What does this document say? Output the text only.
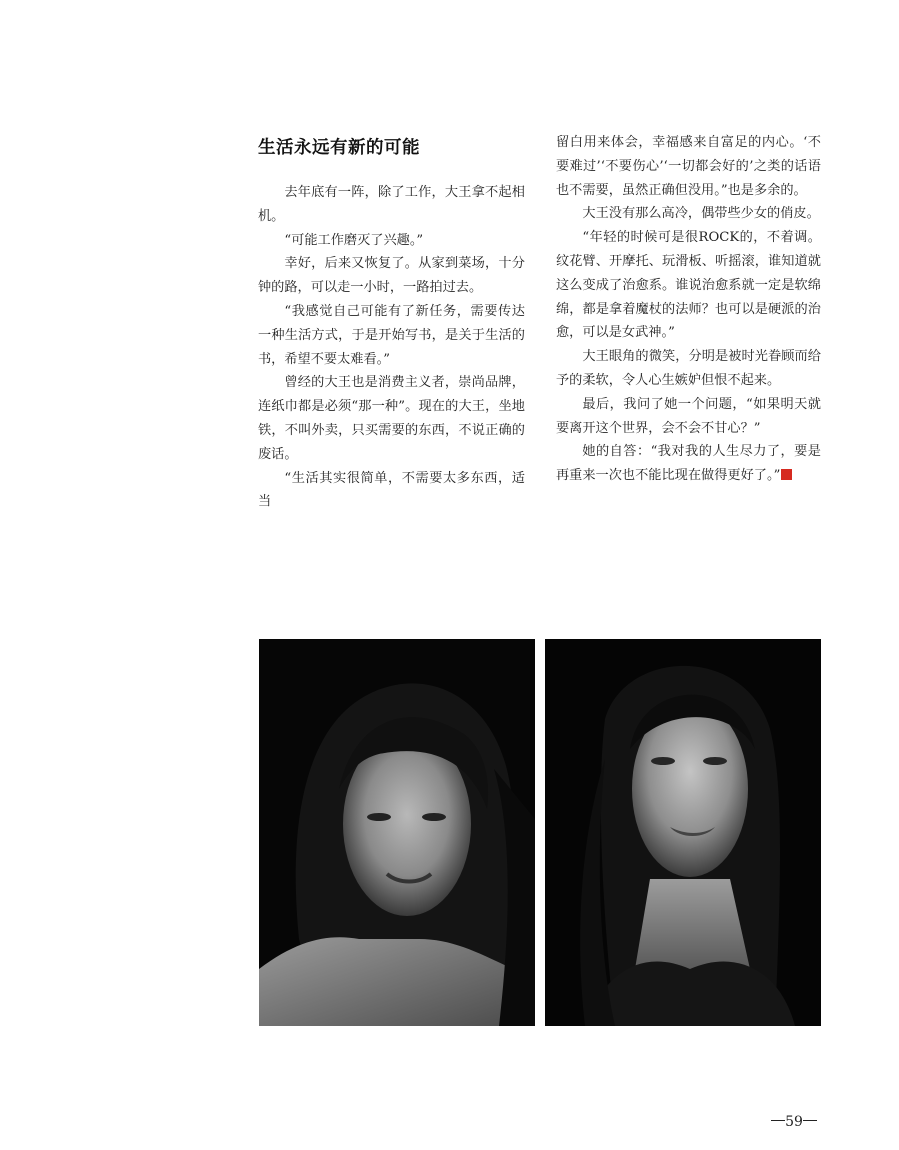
生活永远有新的可能

去年底有一阵，除了工作，大王拿不起相机。

“可能工作磨灭了兴趣。”

幸好，后来又恢复了。从家到菜场，十分钟的路，可以走一小时，一路拍过去。

“我感觉自己可能有了新任务，需要传达一种生活方式，于是开始写书，是关于生活的书，希望不要太难看。”

曾经的大王也是消费主义者，崇尚品牌，连纸巾都是必须“那一种”。现在的大王，坐地铁，不叫外卖，只买需要的东西，不说正确的废话。

“生活其实很简单，不需要太多东西，适当

留白用来体会，幸福感来自富足的内心。‘不要难过’‘不要伤心’‘一切都会好的’之类的话语也不需要，虽然正确但没用。”也是多余的。

大王没有那么高冷，偶带些少女的俏皮。

“年轻的时候可是很ROCK的，不着调。纹花臂、开摩托、玩滑板、听摇滚，谁知道就这么变成了治愈系。谁说治愈系就一定是软绵绵，都是拿着魔杖的法师？也可以是硬派的治愈，可以是女武神。”

大王眼角的微笑，分明是被时光眷顾而给予的柔软，令人心生嫉妒但恨不起来。

最后，我问了她一个问题，“如果明天就要离开这个世界，会不会不甘心？”

她的自答：“我对我的人生尽力了，要是再重来一次也不能比现在做得更好了。”

59
